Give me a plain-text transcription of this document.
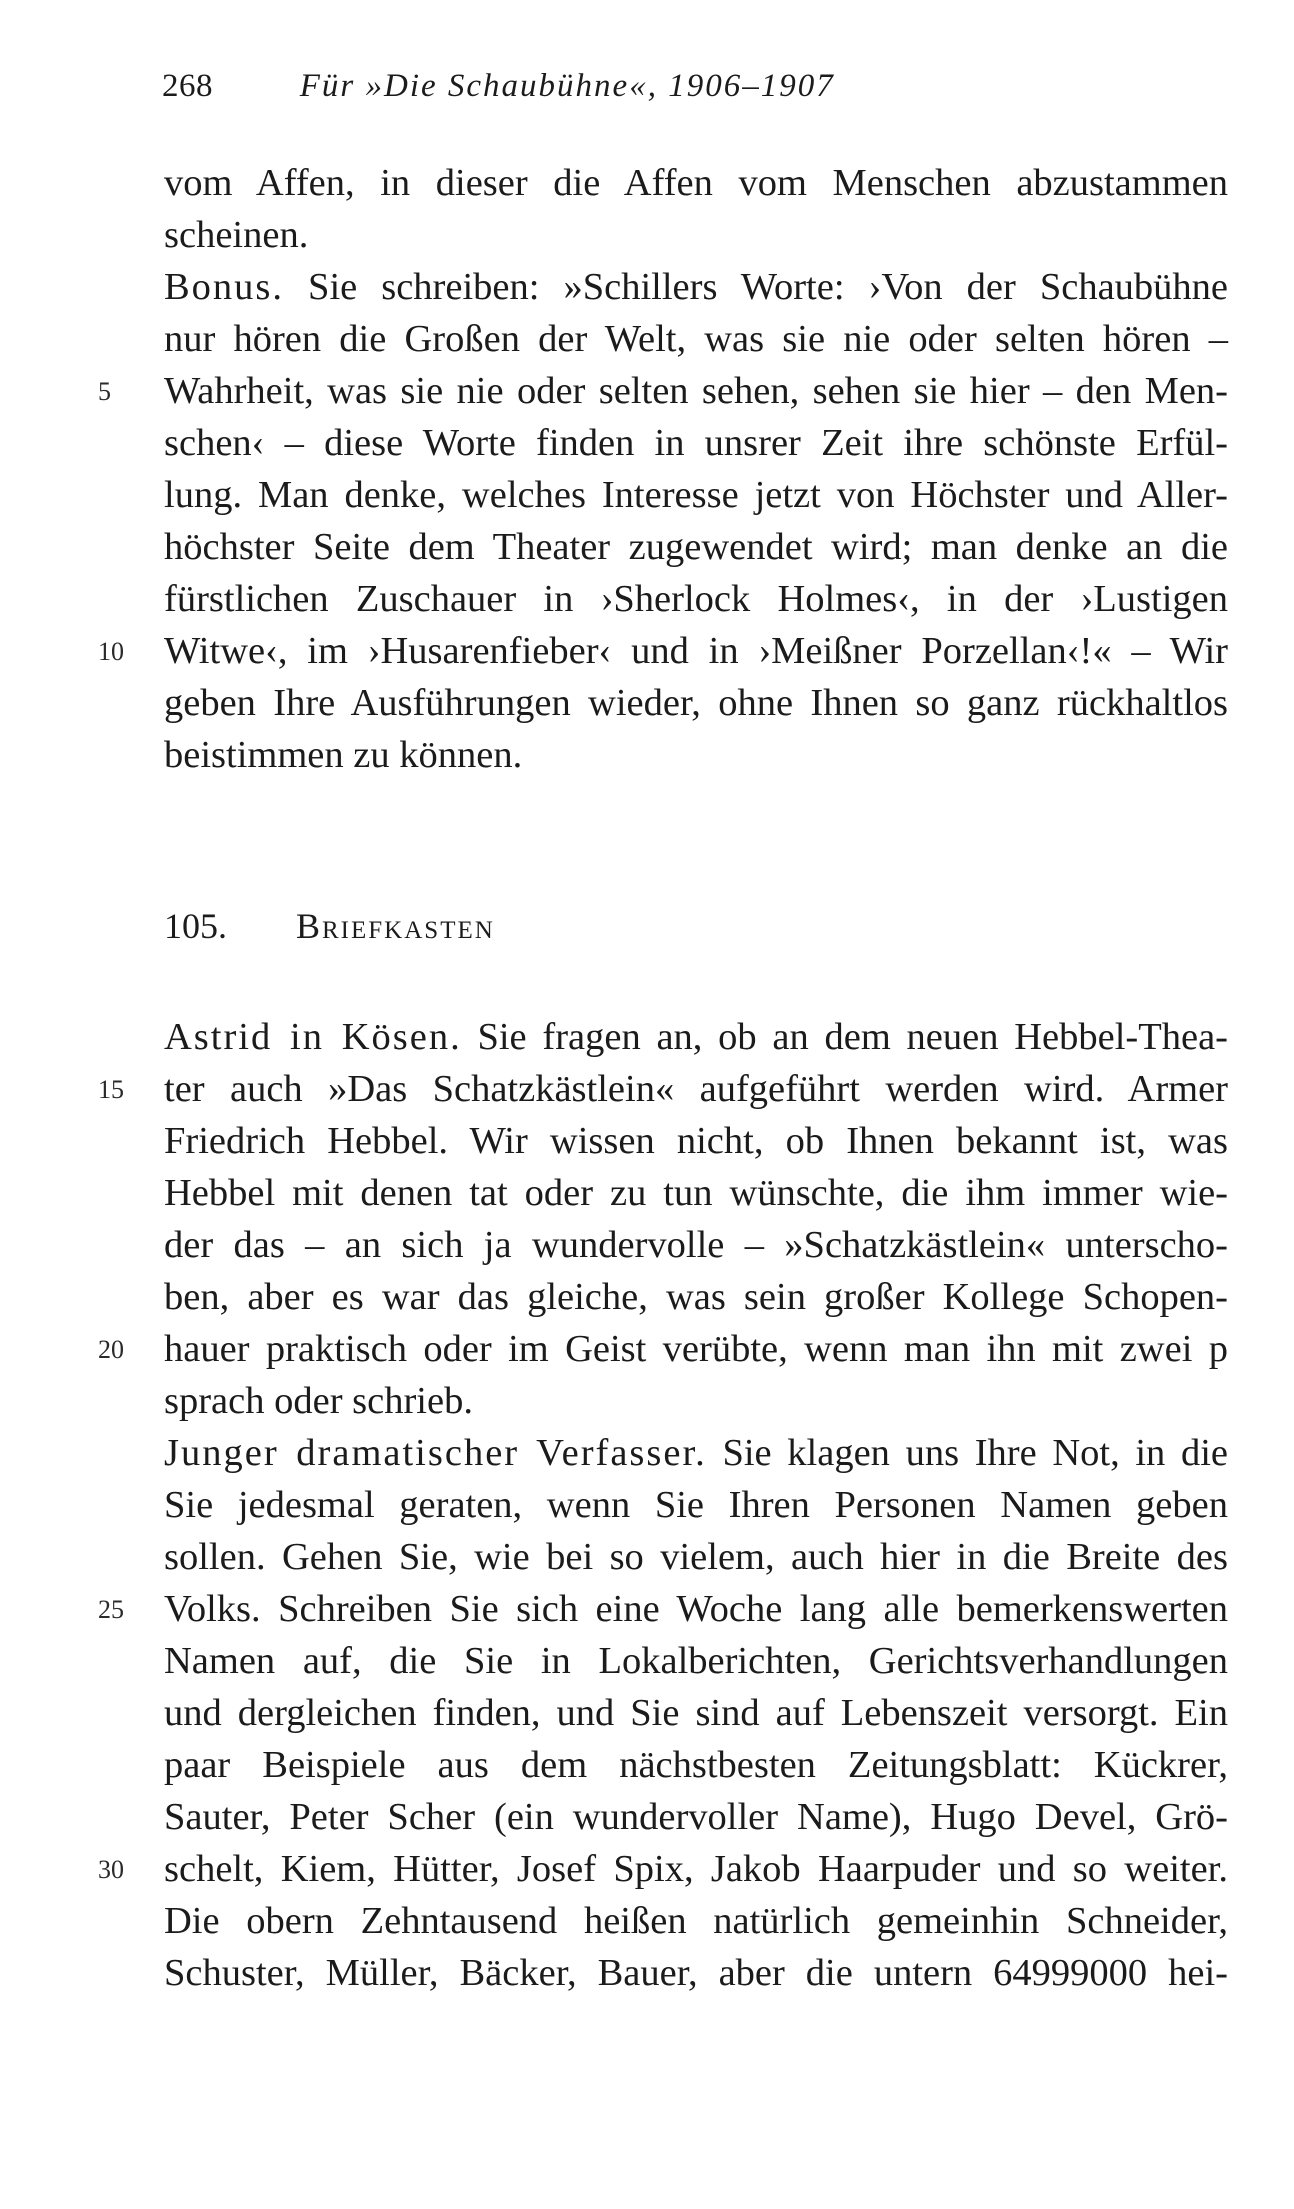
268	Für »Die Schaubühne«, 1906–1907
vom Affen, in dieser die Affen vom Menschen abzustammen
scheinen.
Bonus. Sie schreiben: »Schillers Worte: ›Von der Schaubühne
nur hören die Großen der Welt, was sie nie oder selten hören –
Wahrheit, was sie nie oder selten sehen, sehen sie hier – den Men-
schen‹ – diese Worte finden in unsrer Zeit ihre schönste Erfül-
lung. Man denke, welches Interesse jetzt von Höchster und Aller-
höchster Seite dem Theater zugewendet wird; man denke an die
fürstlichen Zuschauer in ›Sherlock Holmes‹, in der ›Lustigen
Witwe‹, im ›Husarenfieber‹ und in ›Meißner Porzellan‹!« – Wir
geben Ihre Ausführungen wieder, ohne Ihnen so ganz rückhaltlos
beistimmen zu können.
105. Briefkasten
Astrid in Kösen. Sie fragen an, ob an dem neuen Hebbel-Thea-
ter auch »Das Schatzkästlein« aufgeführt werden wird. Armer
Friedrich Hebbel. Wir wissen nicht, ob Ihnen bekannt ist, was
Hebbel mit denen tat oder zu tun wünschte, die ihm immer wie-
der das – an sich ja wundervolle – »Schatzkästlein« unterscho-
ben, aber es war das gleiche, was sein großer Kollege Schopen-
hauer praktisch oder im Geist verübte, wenn man ihn mit zwei p
sprach oder schrieb.
Junger dramatischer Verfasser. Sie klagen uns Ihre Not, in die
Sie jedesmal geraten, wenn Sie Ihren Personen Namen geben
sollen. Gehen Sie, wie bei so vielem, auch hier in die Breite des
Volks. Schreiben Sie sich eine Woche lang alle bemerkenswerten
Namen auf, die Sie in Lokalberichten, Gerichtsverhandlungen
und dergleichen finden, und Sie sind auf Lebenszeit versorgt. Ein
paar Beispiele aus dem nächstbesten Zeitungsblatt: Kückrer,
Sauter, Peter Scher (ein wundervoller Name), Hugo Devel, Grö-
schelt, Kiem, Hütter, Josef Spix, Jakob Haarpuder und so weiter.
Die obern Zehntausend heißen natürlich gemeinhin Schneider,
Schuster, Müller, Bäcker, Bauer, aber die untern 64999000 hei-
5
10
15
20
25
30
